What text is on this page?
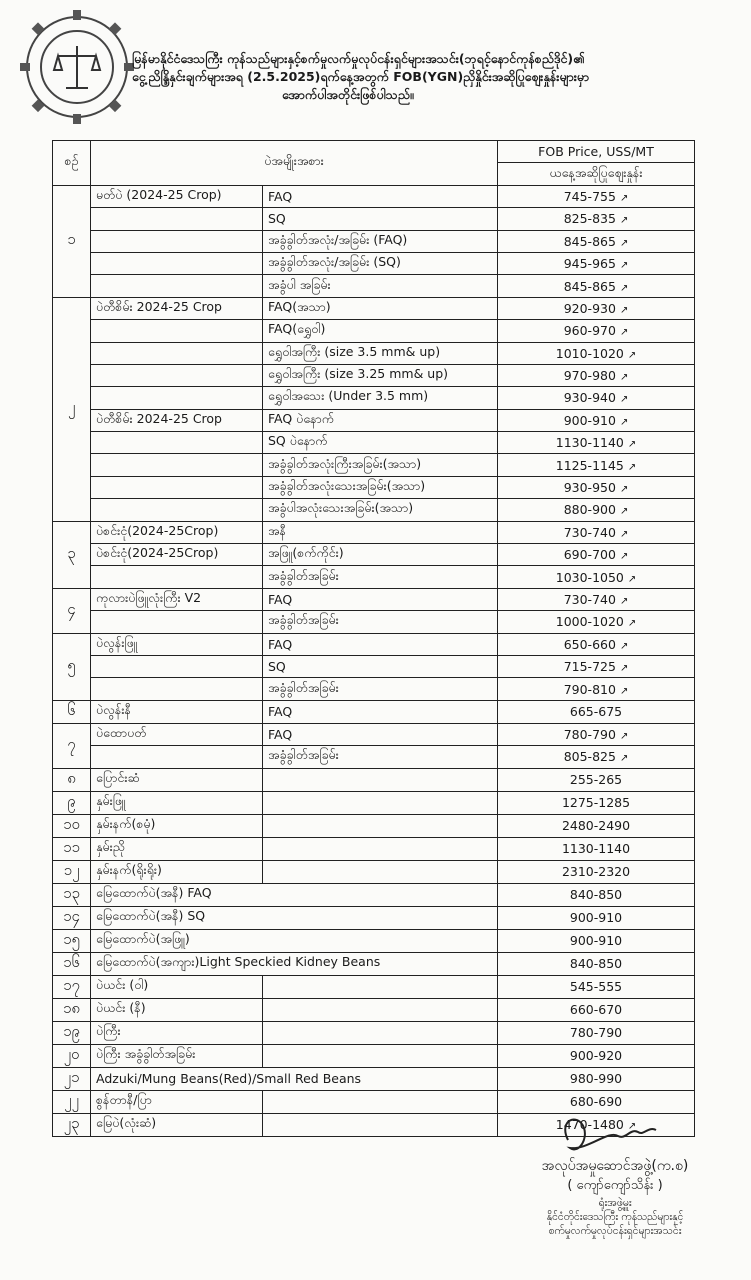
မြန်မာနိုင်ငံ‌ဒေသကြီး ကုန်သည်များနှင့်စက်မှုလက်မှုလုပ်ငန်းရှင်များအသင်း(ဘုရင့်နောင်ကုန်စည်ဒိုင်)၏
ငွေ့ညိန္ဒြိနှင်းချက်များအရ (2.5.2025)ရက်နေ့အတွက် FOB(YGN)ညှိနှိုင်းအဆိုပြုဈေးနှုန်းများမှာ
အောက်ပါအတိုင်းဖြစ်ပါသည်။
စဉ်	ပဲအမျိုးအစား		FOB Price, USS/MT
			ယနေ့အဆိုပြုဈေးနှုန်း
၁	မတ်ပဲ (2024-25 Crop)	FAQ	745-755 ↗
		SQ	825-835 ↗
		အခွံခွါတ်အလုံး/အခြမ်း (FAQ)	845-865 ↗
		အခွံခွါတ်အလုံး/အခြမ်း (SQ)	945-965 ↗
		အခွံပါ အခြမ်း	845-865 ↗
၂	ပဲတီစိမ်း 2024-25 Crop	FAQ(အသာ)	920-930 ↗
		FAQ(ရွှေဝါ)	960-970 ↗
		ရွှေဝါအကြီး (size 3.5 mm& up)	1010-1020 ↗
		ရွှေဝါအကြီး (size 3.25 mm& up)	970-980 ↗
		ရွှေဝါအသေး (Under 3.5 mm)	930-940 ↗
	ပဲတီစိမ်း 2024-25 Crop	FAQ ပဲနောက်	900-910 ↗
		SQ ပဲနောက်	1130-1140 ↗
		အခွံခွါတ်အလုံးကြီးအခြမ်း(အသာ)	1125-1145 ↗
		အခွံခွါတ်အလုံးသေးအခြမ်း(အသာ)	930-950 ↗
		အခွံပါအလုံးသေးအခြမ်း(အသာ)	880-900 ↗
၃	ပဲစင်းငုံ(2024-25Crop)	အနီ	730-740 ↗
	ပဲစင်းငုံ(2024-25Crop)	အဖြူ(စက်ကိုင်း)	690-700 ↗
		အခွံခွါတ်အခြမ်း	1030-1050 ↗
၄	ကုလားပဲဖြူလုံးကြီး V2	FAQ	730-740 ↗
		အခွံခွါတ်အခြမ်း	1000-1020 ↗
၅	ပဲလွန်းဖြူ	FAQ	650-660 ↗
		SQ	715-725 ↗
		အခွံခွါတ်အခြမ်း	790-810 ↗
၆	ပဲလွန်းနီ	FAQ	665-675
၇	ပဲထောပတ်	FAQ	780-790 ↗
		အခွံခွါတ်အခြမ်း	805-825 ↗
၈	ပြောင်းဆံ		255-265
၉	နှမ်းဖြူ		1275-1285
၁၀	နှမ်းနက်(စမုံ)		2480-2490
၁၁	နှမ်းညို		1130-1140
၁၂	နှမ်းနက်(ရိုးရိုး)		2310-2320
၁၃	မြေထောက်ပဲ(အနီ) FAQ		840-850
၁၄	မြေထောက်ပဲ(အနီ) SQ		900-910
၁၅	မြေထောက်ပဲ(အဖြူ)		900-910
၁၆	မြေထောက်ပဲ(အကျား)Light Speckied Kidney Beans		840-850
၁၇	ပဲယင်း (ဝါ)		545-555
၁၈	ပဲယင်း (နီ)		660-670
၁၉	ပဲကြီး		780-790
၂၀	ပဲကြီး အခွံခွါတ်အခြမ်း		900-920
၂၁	Adzuki/Mung Beans(Red)/Small Red Beans		980-990
၂၂	စွန်တာနီ/ပြာ		680-690
၂၃	မြေပဲ(လုံးဆံ)		1470-1480 ↗
အလုပ်အမှုဆောင်အဖွဲ့(က.စ)
( ကျော်ကျော်သိန်း )
ရုံးအဖွဲ့မှူး
နိုင်ငံတိုင်းဒေသကြီး ကုန်သည်များနှင့်
စက်မှုလက်မှုလုပ်ငန်းရှင်များအသင်း
